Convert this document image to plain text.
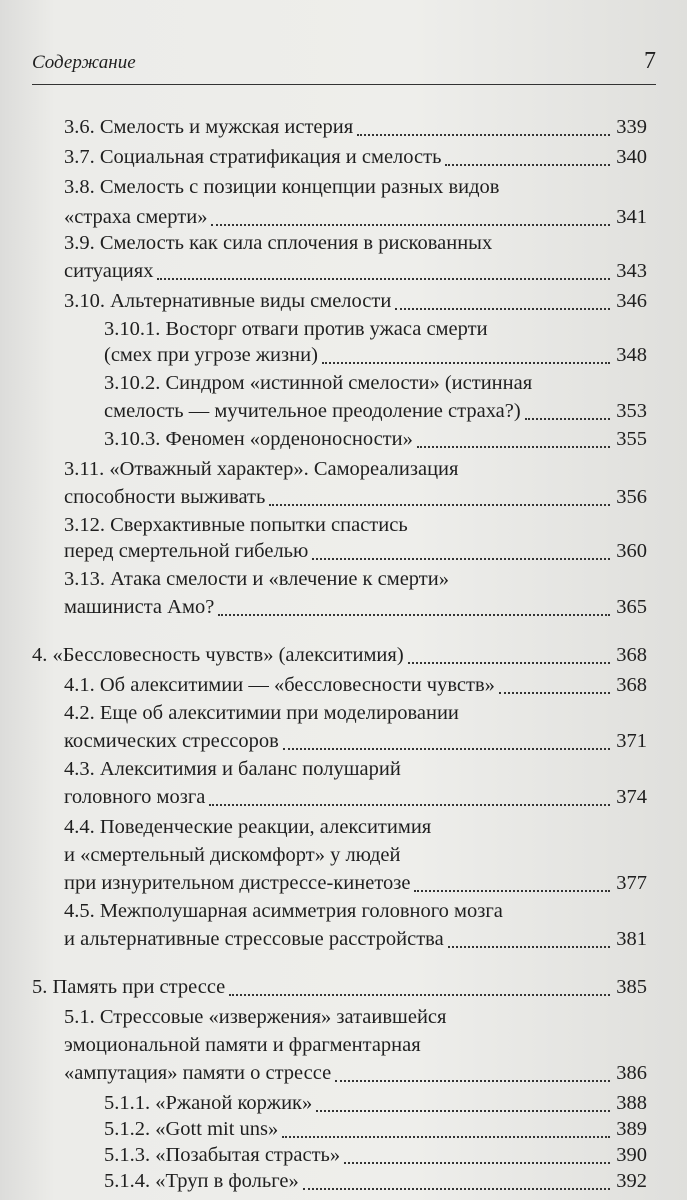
Содержание	7
3.6. Смелость и мужская истерия	339
3.7. Социальная стратификация и смелость	340
3.8. Смелость с позиции концепции разных видов
«страха смерти»	341
3.9. Смелость как сила сплочения в рискованных
ситуациях	343
3.10. Альтернативные виды смелости	346
3.10.1. Восторг отваги против ужаса смерти
(смех при угрозе жизни)	348
3.10.2. Синдром «истинной смелости» (истинная
смелость — мучительное преодоление страха?)	353
3.10.3. Феномен «орденоносности»	355
3.11. «Отважный характер». Самореализация
способности выживать	356
3.12. Сверхактивные попытки спастись
перед смертельной гибелью	360
3.13. Атака смелости и «влечение к смерти»
машиниста Амо?	365
4. «Бессловесность чувств» (алекситимия)	368
4.1. Об алекситимии — «бессловесности чувств»	368
4.2. Еще об алекситимии при моделировании
космических стрессоров	371
4.3. Алекситимия и баланс полушарий
головного мозга	374
4.4. Поведенческие реакции, алекситимия
и «смертельный дискомфорт» у людей
при изнурительном дистрессе-кинетозе	377
4.5. Межполушарная асимметрия головного мозга
и альтернативные стрессовые расстройства	381
5. Память при стрессе	385
5.1. Стрессовые «извержения» затаившейся
эмоциональной памяти и фрагментарная
«ампутация» памяти о стрессе	386
5.1.1. «Ржаной коржик»	388
5.1.2. «Gott mit uns»	389
5.1.3. «Позабытая страсть»	390
5.1.4. «Труп в фольге»	392
